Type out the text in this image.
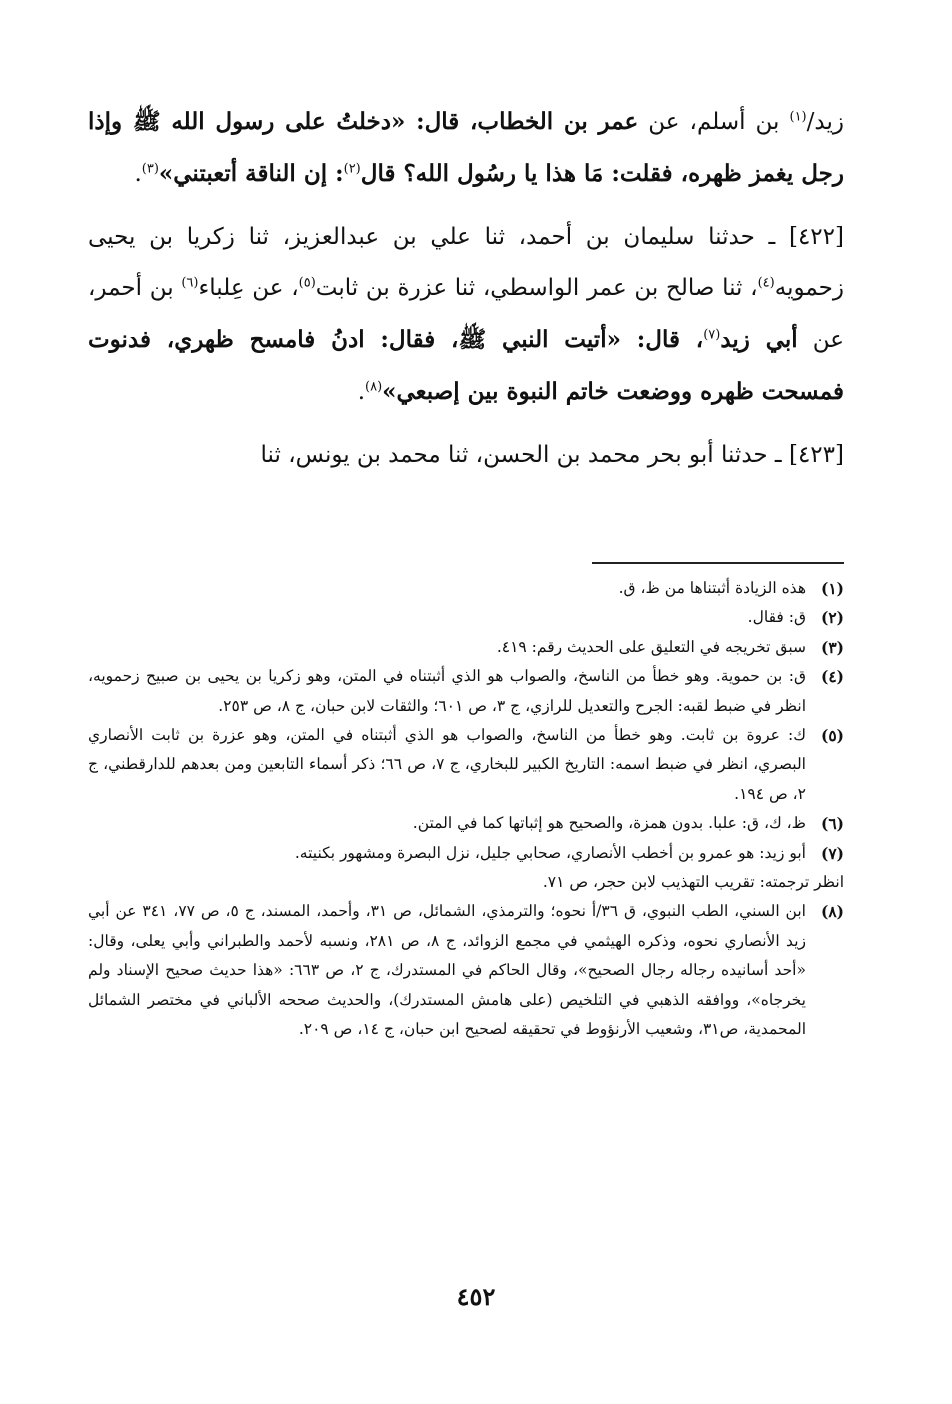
زيد/$^{(١)}$ بن أسلم، عن عمر بن الخطاب، قال: «دخلتُ على رسول الله ﷺ وإذا رجل يغمز ظهره، فقلت: مَا هذا يا رسُول الله؟ قال$^{(٢)}$: إن الناقة أتعبتني»$^{(٣)}$.

[٤٢٢] ـ حدثنا سليمان بن أحمد، ثنا علي بن عبدالعزيز، ثنا زكريا بن يحيى زحمويه$^{(٤)}$، ثنا صالح بن عمر الواسطي، ثنا عزرة بن ثابت$^{(٥)}$، عن عِلباء$^{(٦)}$ بن أحمر، عن أبي زيد$^{(٧)}$، قال: «أتيت النبي ﷺ، فقال: ادنُ فامسح ظهري، فدنوت فمسحت ظهره ووضعت خاتم النبوة بين إصبعي»$^{(٨)}$.

[٤٢٣] ـ حدثنا أبو بحر محمد بن الحسن، ثنا محمد بن يونس، ثنا

(١)
هذه الزيادة أثبتناها من ظ، ق.
(٢)
ق: فقال.
(٣)
سبق تخريجه في التعليق على الحديث رقم: ٤١٩.
(٤)
ق: بن حموية. وهو خطأ من الناسخ، والصواب هو الذي أثبتناه في المتن، وهو زكريا بن يحيى بن صبيح زحمويه، انظر في ضبط لقبه: الجرح والتعديل للرازي، ج ٣، ص ٦٠١؛ والثقات لابن حبان، ج ٨، ص ٢٥٣.
(٥)
ك: عروة بن ثابت. وهو خطأ من الناسخ، والصواب هو الذي أثبتناه في المتن، وهو عزرة بن ثابت الأنصاري البصري، انظر في ضبط اسمه: التاريخ الكبير للبخاري، ج ٧، ص ٦٦؛ ذكر أسماء التابعين ومن بعدهم للدارقطني، ج ٢، ص ١٩٤.
(٦)
ظ، ك، ق: علبا. بدون همزة، والصحيح هو إثباتها كما في المتن.
(٧)
أبو زيد: هو عمرو بن أخطب الأنصاري، صحابي جليل، نزل البصرة ومشهور بكنيته.
انظر ترجمته: تقريب التهذيب لابن حجر، ص ٧١.
(٨)
ابن السني، الطب النبوي، ق ٣٦/أ نحوه؛ والترمذي، الشمائل، ص ٣١، وأحمد، المسند، ج ٥، ص ٧٧، ٣٤١ عن أبي زيد الأنصاري نحوه، وذكره الهيثمي في مجمع الزوائد، ج ٨، ص ٢٨١، ونسبه لأحمد والطبراني وأبي يعلى، وقال: «أحد أسانيده رجاله رجال الصحيح»، وقال الحاكم في المستدرك، ج ٢، ص ٦٦٣: «هذا حديث صحيح الإسناد ولم يخرجاه»، ووافقه الذهبي في التلخيص (على هامش المستدرك)، والحديث صححه الألباني في مختصر الشمائل المحمدية، ص٣١، وشعيب الأرنؤوط في تحقيقه لصحيح ابن حبان، ج ١٤، ص ٢٠٩.
٤٥٢
